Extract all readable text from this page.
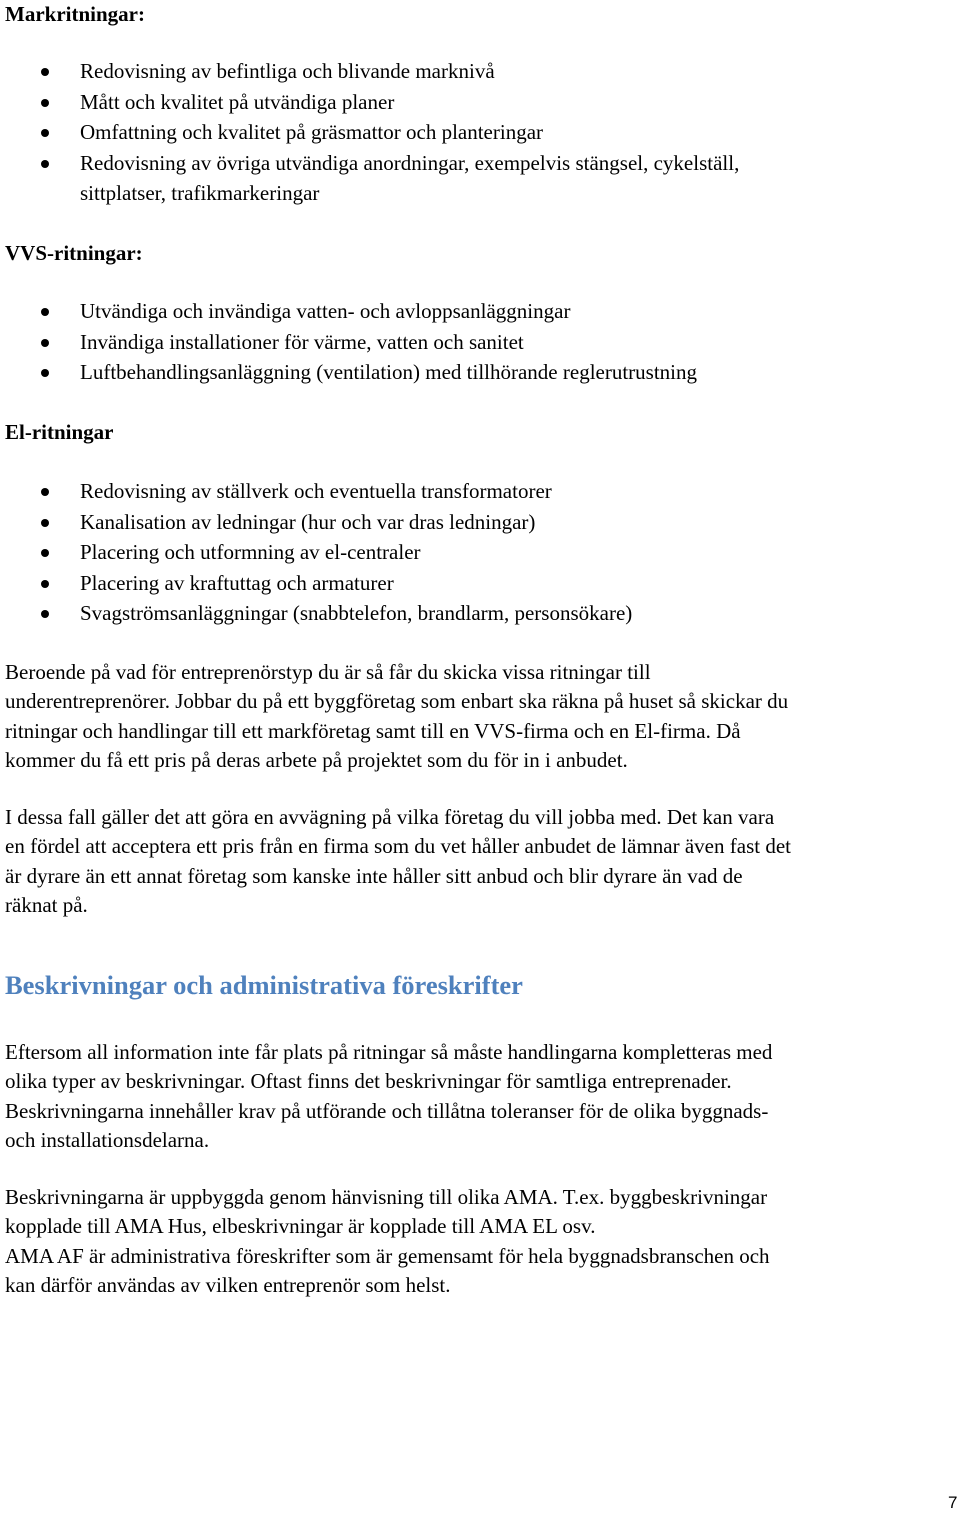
Markritningar:
Redovisning av befintliga och blivande marknivå
Mått och kvalitet på utvändiga planer
Omfattning och kvalitet på gräsmattor och planteringar
Redovisning av övriga utvändiga anordningar, exempelvis stängsel, cykelställ,
sittplatser, trafikmarkeringar
VVS-ritningar:
Utvändiga och invändiga vatten- och avloppsanläggningar
Invändiga installationer för värme, vatten och sanitet
Luftbehandlingsanläggning (ventilation) med tillhörande reglerutrustning
El-ritningar
Redovisning av ställverk och eventuella transformatorer
Kanalisation av ledningar (hur och var dras ledningar)
Placering och utformning av el-centraler
Placering av kraftuttag och armaturer
Svagströmsanläggningar (snabbtelefon, brandlarm, personsökare)

Beroende på vad för entreprenörstyp du är så får du skicka vissa ritningar till
underentreprenörer. Jobbar du på ett byggföretag som enbart ska räkna på huset så skickar du
ritningar och handlingar till ett markföretag samt till en VVS-firma och en El-firma. Då
kommer du få ett pris på deras arbete på projektet som du för in i anbudet.

I dessa fall gäller det att göra en avvägning på vilka företag du vill jobba med. Det kan vara
en fördel att acceptera ett pris från en firma som du vet håller anbudet de lämnar även fast det
är dyrare än ett annat företag som kanske inte håller sitt anbud och blir dyrare än vad de
räknat på.

Beskrivningar och administrativa föreskrifter

Eftersom all information inte får plats på ritningar så måste handlingarna kompletteras med
olika typer av beskrivningar. Oftast finns det beskrivningar för samtliga entreprenader.
Beskrivningarna innehåller krav på utförande och tillåtna toleranser för de olika byggnads-
och installationsdelarna.

Beskrivningarna är uppbyggda genom hänvisning till olika AMA. T.ex. byggbeskrivningar
kopplade till AMA Hus, elbeskrivningar är kopplade till AMA EL osv.
AMA AF är administrativa föreskrifter som är gemensamt för hela byggnadsbranschen och
kan därför användas av vilken entreprenör som helst.

7
